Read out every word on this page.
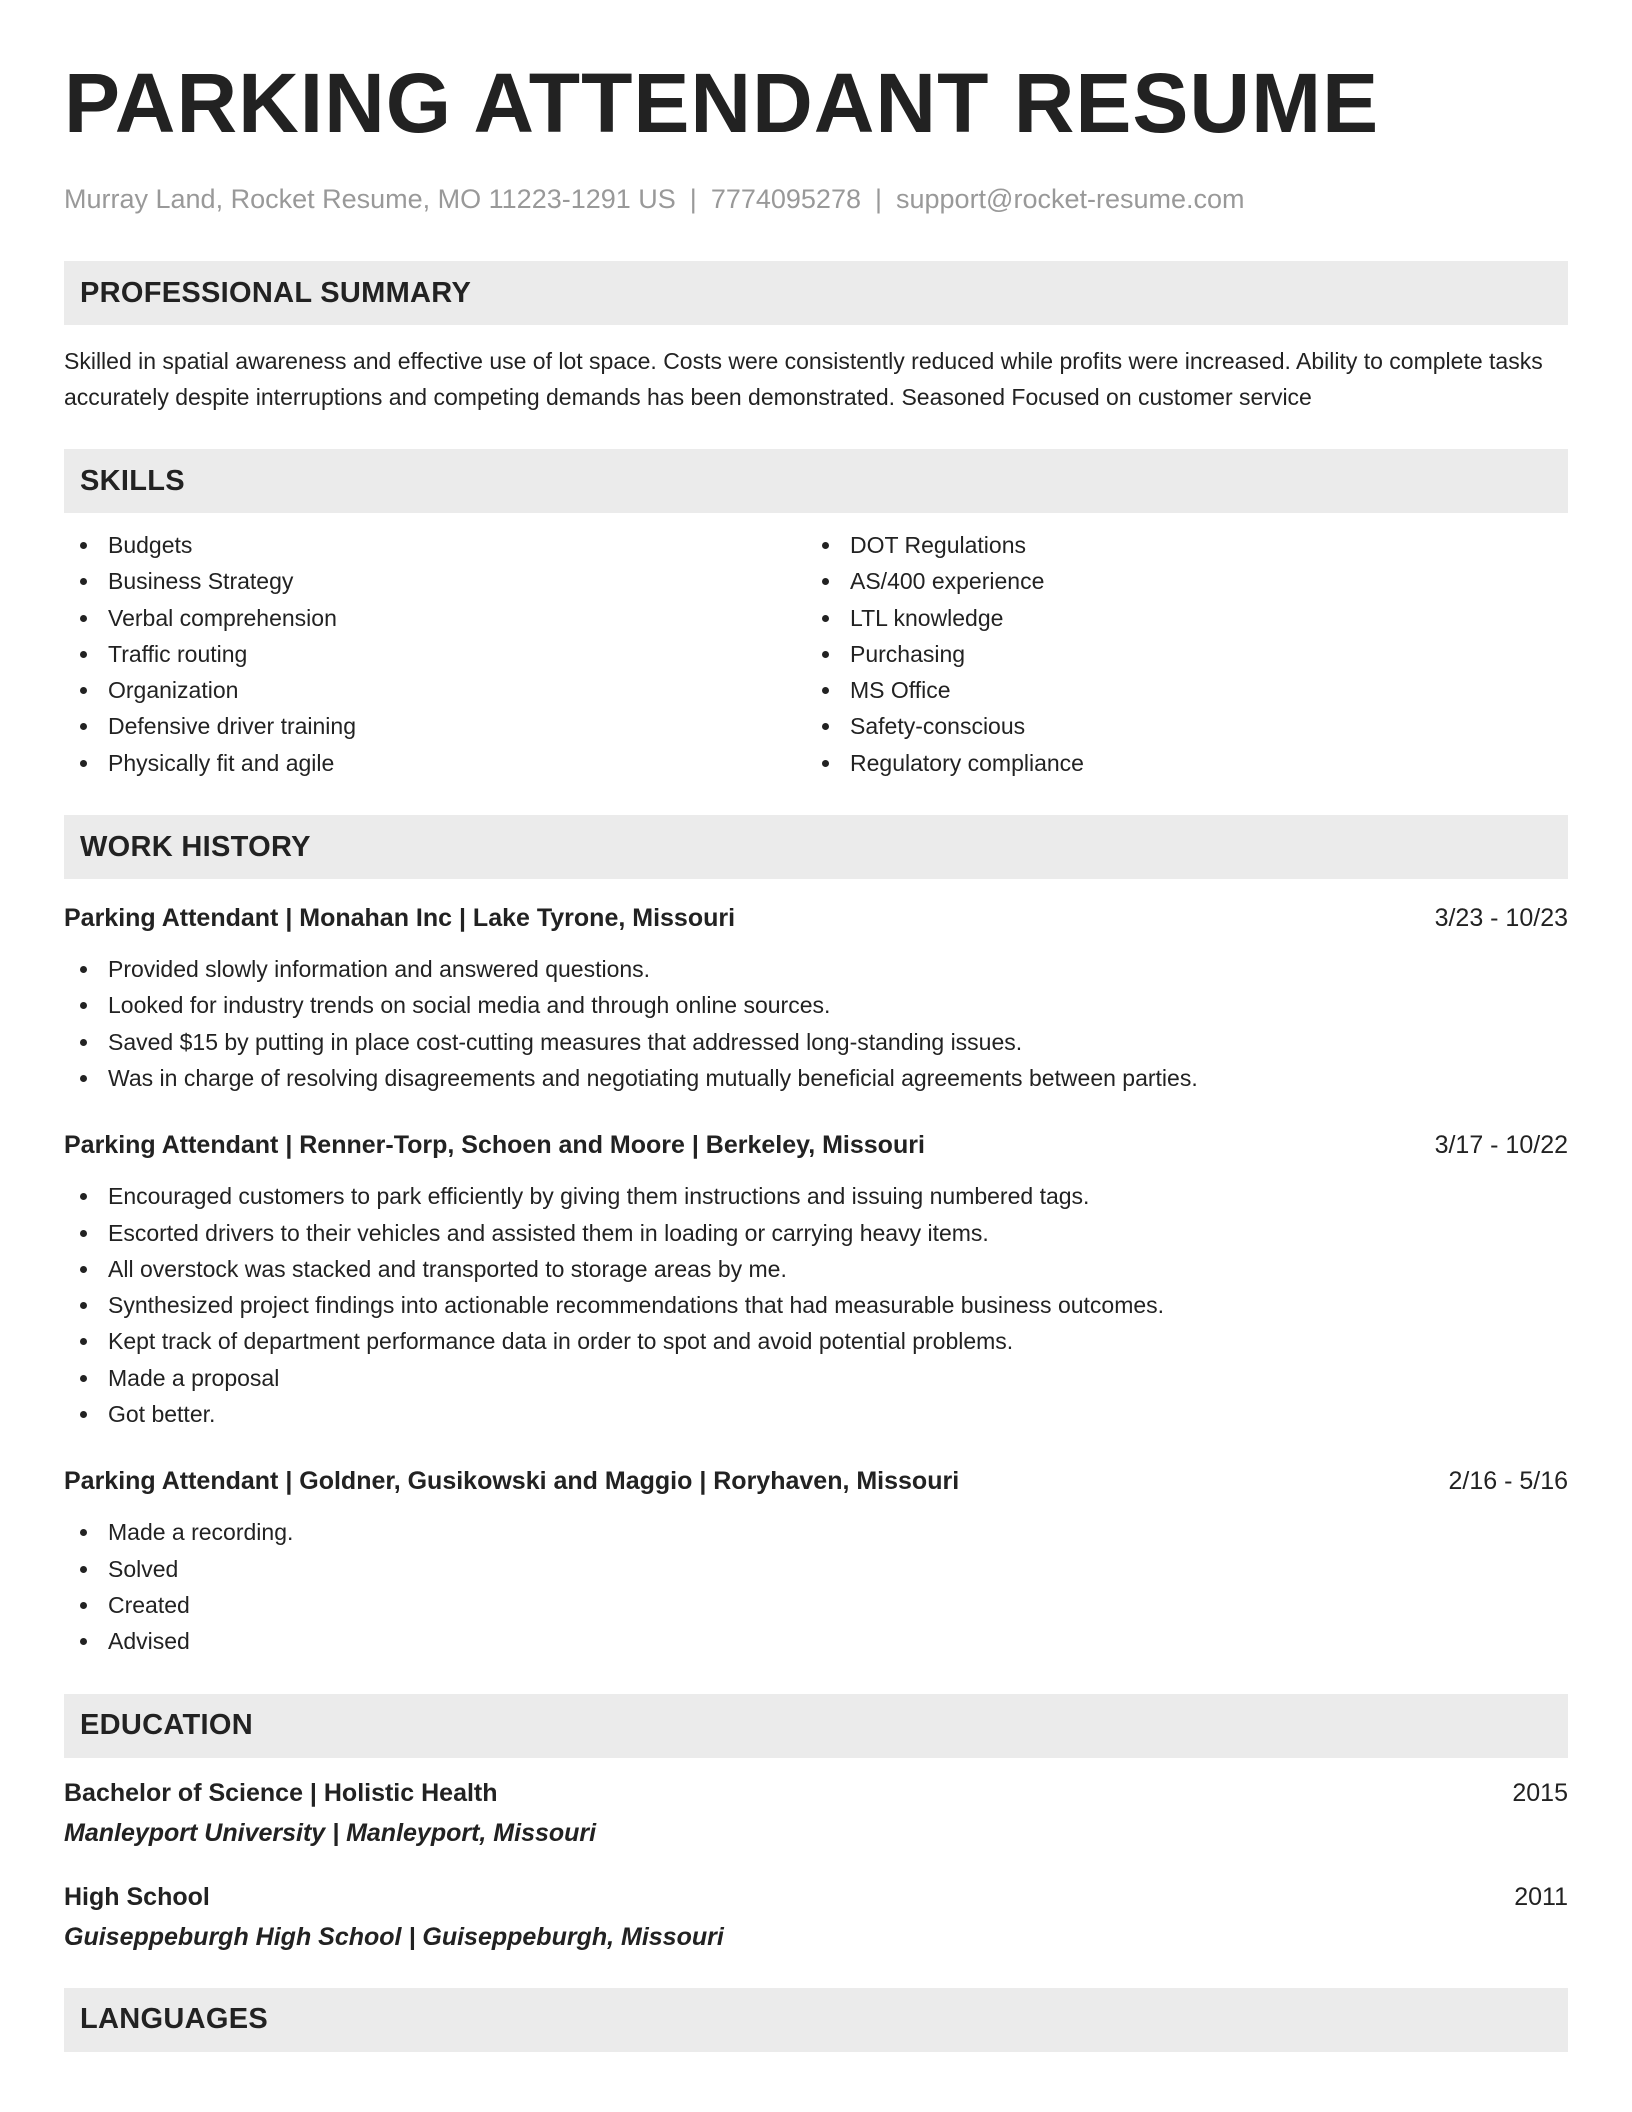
PARKING ATTENDANT RESUME
Murray Land, Rocket Resume, MO 11223-1291 US | 7774095278 | support@rocket-resume.com
PROFESSIONAL SUMMARY

Skilled in spatial awareness and effective use of lot space. Costs were consistently reduced while profits were increased. Ability to complete tasks accurately despite interruptions and competing demands has been demonstrated. Seasoned Focused on customer service

SKILLS
Budgets
Business Strategy
Verbal comprehension
Traffic routing
Organization
Defensive driver training
Physically fit and agile
DOT Regulations
AS/400 experience
LTL knowledge
Purchasing
MS Office
Safety-conscious
Regulatory compliance
WORK HISTORY
Parking Attendant | Monahan Inc | Lake Tyrone, Missouri	3/23 - 10/23
Provided slowly information and answered questions.
Looked for industry trends on social media and through online sources.
Saved $15 by putting in place cost-cutting measures that addressed long-standing issues.
Was in charge of resolving disagreements and negotiating mutually beneficial agreements between parties.
Parking Attendant | Renner-Torp, Schoen and Moore | Berkeley, Missouri	3/17 - 10/22
Encouraged customers to park efficiently by giving them instructions and issuing numbered tags.
Escorted drivers to their vehicles and assisted them in loading or carrying heavy items.
All overstock was stacked and transported to storage areas by me.
Synthesized project findings into actionable recommendations that had measurable business outcomes.
Kept track of department performance data in order to spot and avoid potential problems.
Made a proposal
Got better.
Parking Attendant | Goldner, Gusikowski and Maggio | Roryhaven, Missouri	2/16 - 5/16
Made a recording.
Solved
Created
Advised
EDUCATION
Bachelor of Science | Holistic Health	2015
Manleyport University | Manleyport, Missouri
High School	2011
Guiseppeburgh High School | Guiseppeburgh, Missouri
LANGUAGES
